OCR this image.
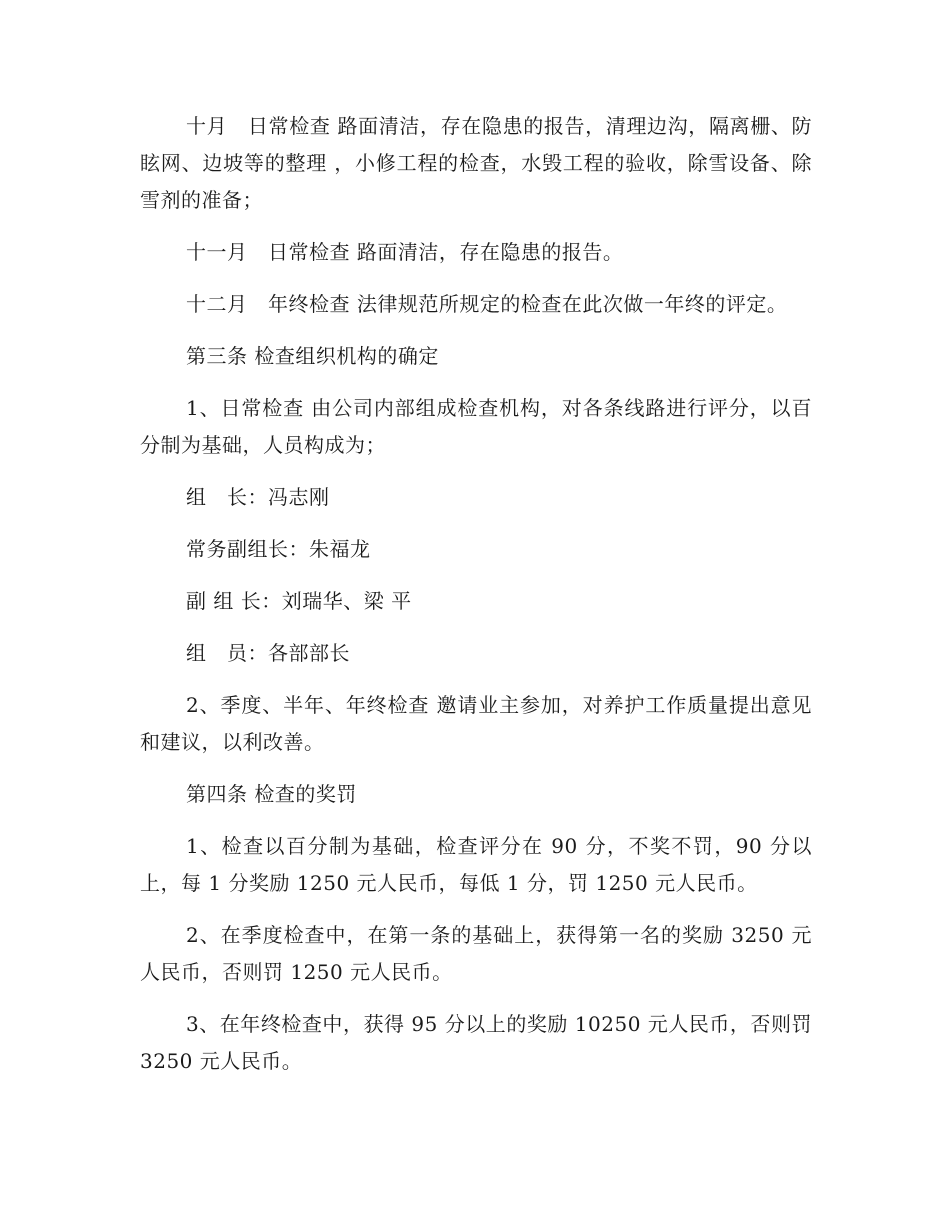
十月　日常检查 路面清洁，存在隐患的报告，清理边沟，隔离栅、防眩网、边坡等的整理 ，小修工程的检查，水毁工程的验收，除雪设备、除雪剂的准备；

十一月　日常检查 路面清洁，存在隐患的报告。

十二月　年终检查 法律规范所规定的检查在此次做一年终的评定。

第三条 检查组织机构的确定

1、日常检查 由公司内部组成检查机构，对各条线路进行评分，以百分制为基础，人员构成为；

组　长：冯志刚

常务副组长：朱福龙

副 组 长：刘瑞华、梁 平

组　员：各部部长

2、季度、半年、年终检查 邀请业主参加，对养护工作质量提出意见和建议，以利改善。

第四条 检查的奖罚

1、检查以百分制为基础，检查评分在 90 分，不奖不罚，90 分以上，每 1 分奖励 1250 元人民币，每低 1 分，罚 1250 元人民币。

2、在季度检查中，在第一条的基础上，获得第一名的奖励 3250 元人民币，否则罚 1250 元人民币。

3、在年终检查中，获得 95 分以上的奖励 10250 元人民币，否则罚 3250 元人民币。
